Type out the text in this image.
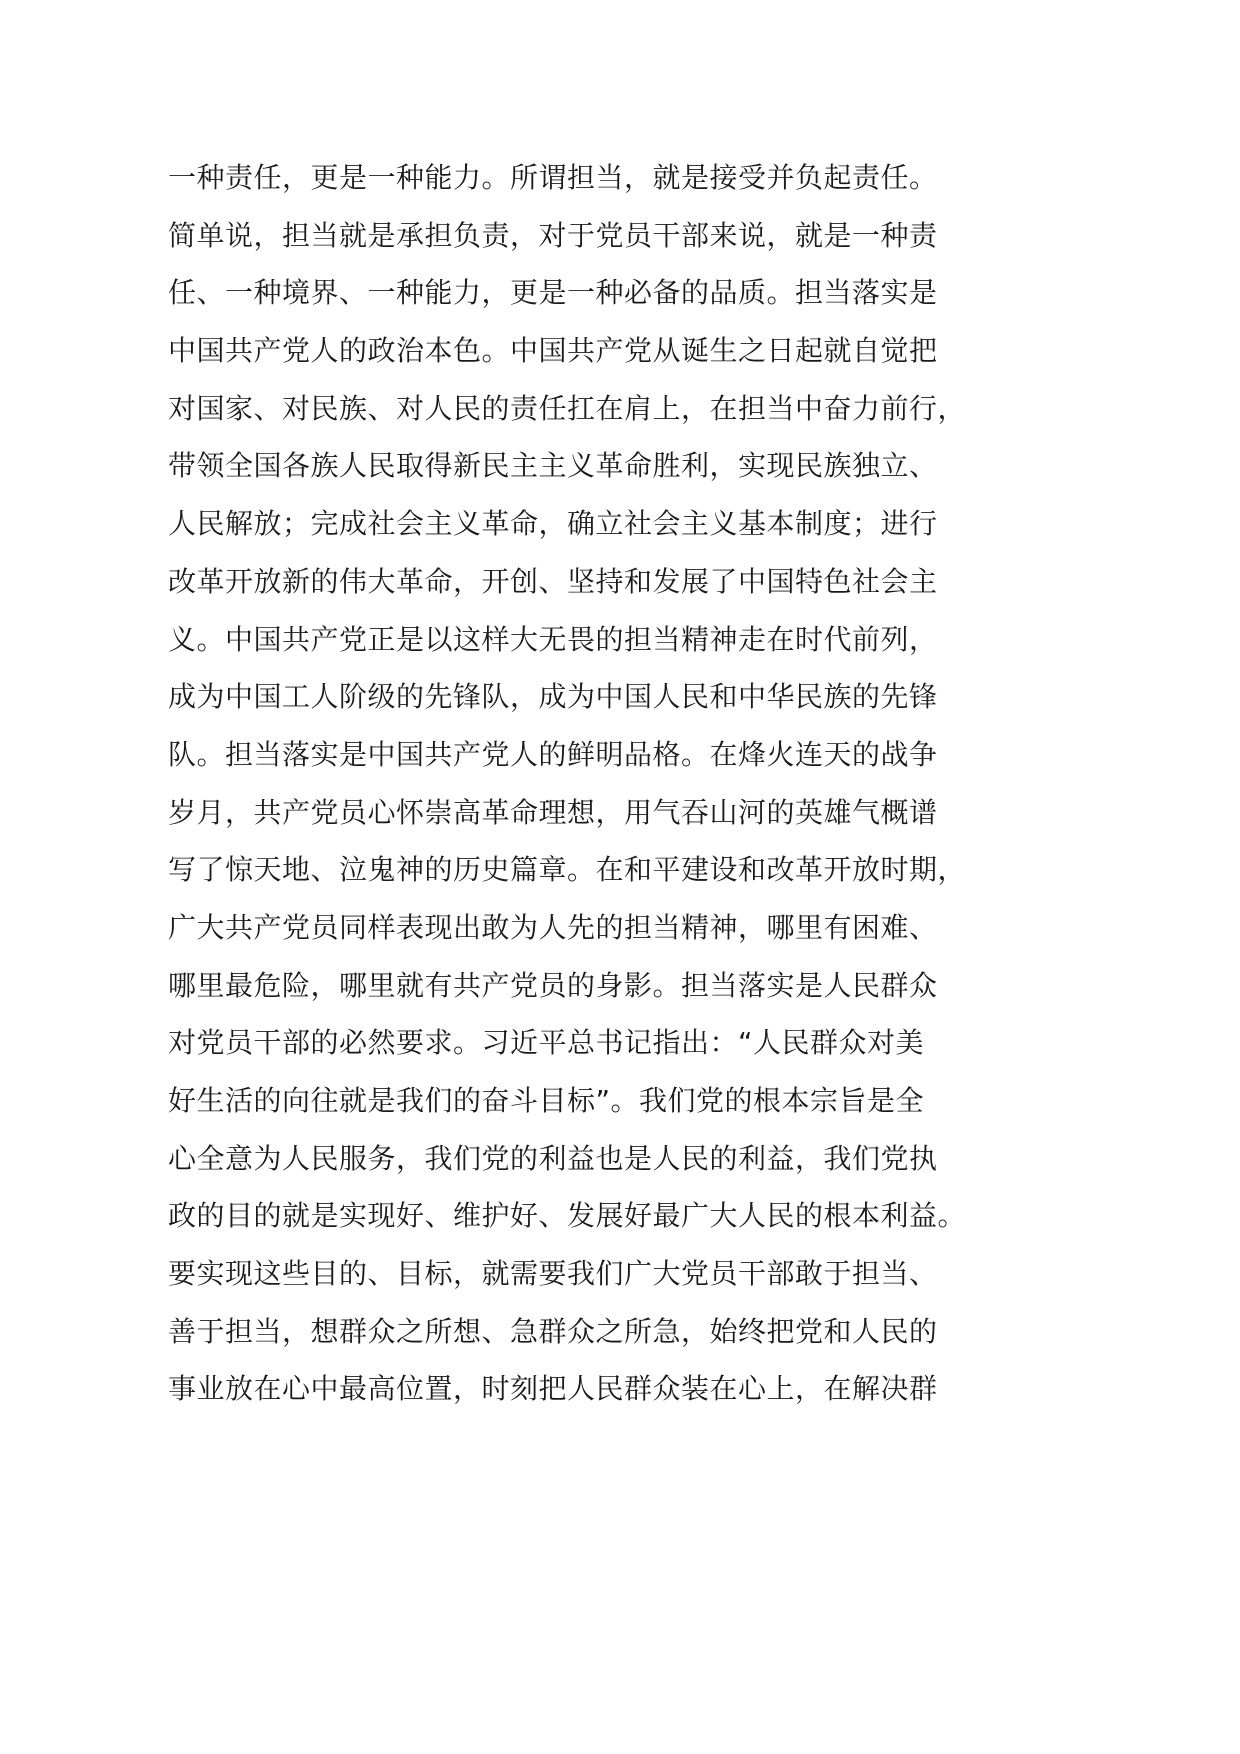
一种责任，更是一种能力。所谓担当，就是接受并负起责任。
简单说，担当就是承担负责，对于党员干部来说，就是一种责
任、一种境界、一种能力，更是一种必备的品质。担当落实是
中国共产党人的政治本色。中国共产党从诞生之日起就自觉把
对国家、对民族、对人民的责任扛在肩上，在担当中奋力前行，
带领全国各族人民取得新民主主义革命胜利，实现民族独立、
人民解放；完成社会主义革命，确立社会主义基本制度；进行
改革开放新的伟大革命，开创、坚持和发展了中国特色社会主
义。中国共产党正是以这样大无畏的担当精神走在时代前列，
成为中国工人阶级的先锋队，成为中国人民和中华民族的先锋
队。担当落实是中国共产党人的鲜明品格。在烽火连天的战争
岁月，共产党员心怀崇高革命理想，用气吞山河的英雄气概谱
写了惊天地、泣鬼神的历史篇章。在和平建设和改革开放时期，
广大共产党员同样表现出敢为人先的担当精神，哪里有困难、
哪里最危险，哪里就有共产党员的身影。担当落实是人民群众
对党员干部的必然要求。习近平总书记指出：“人民群众对美
好生活的向往就是我们的奋斗目标”。我们党的根本宗旨是全
心全意为人民服务，我们党的利益也是人民的利益，我们党执
政的目的就是实现好、维护好、发展好最广大人民的根本利益。
要实现这些目的、目标，就需要我们广大党员干部敢于担当、
善于担当，想群众之所想、急群众之所急，始终把党和人民的
事业放在心中最高位置，时刻把人民群众装在心上，在解决群
